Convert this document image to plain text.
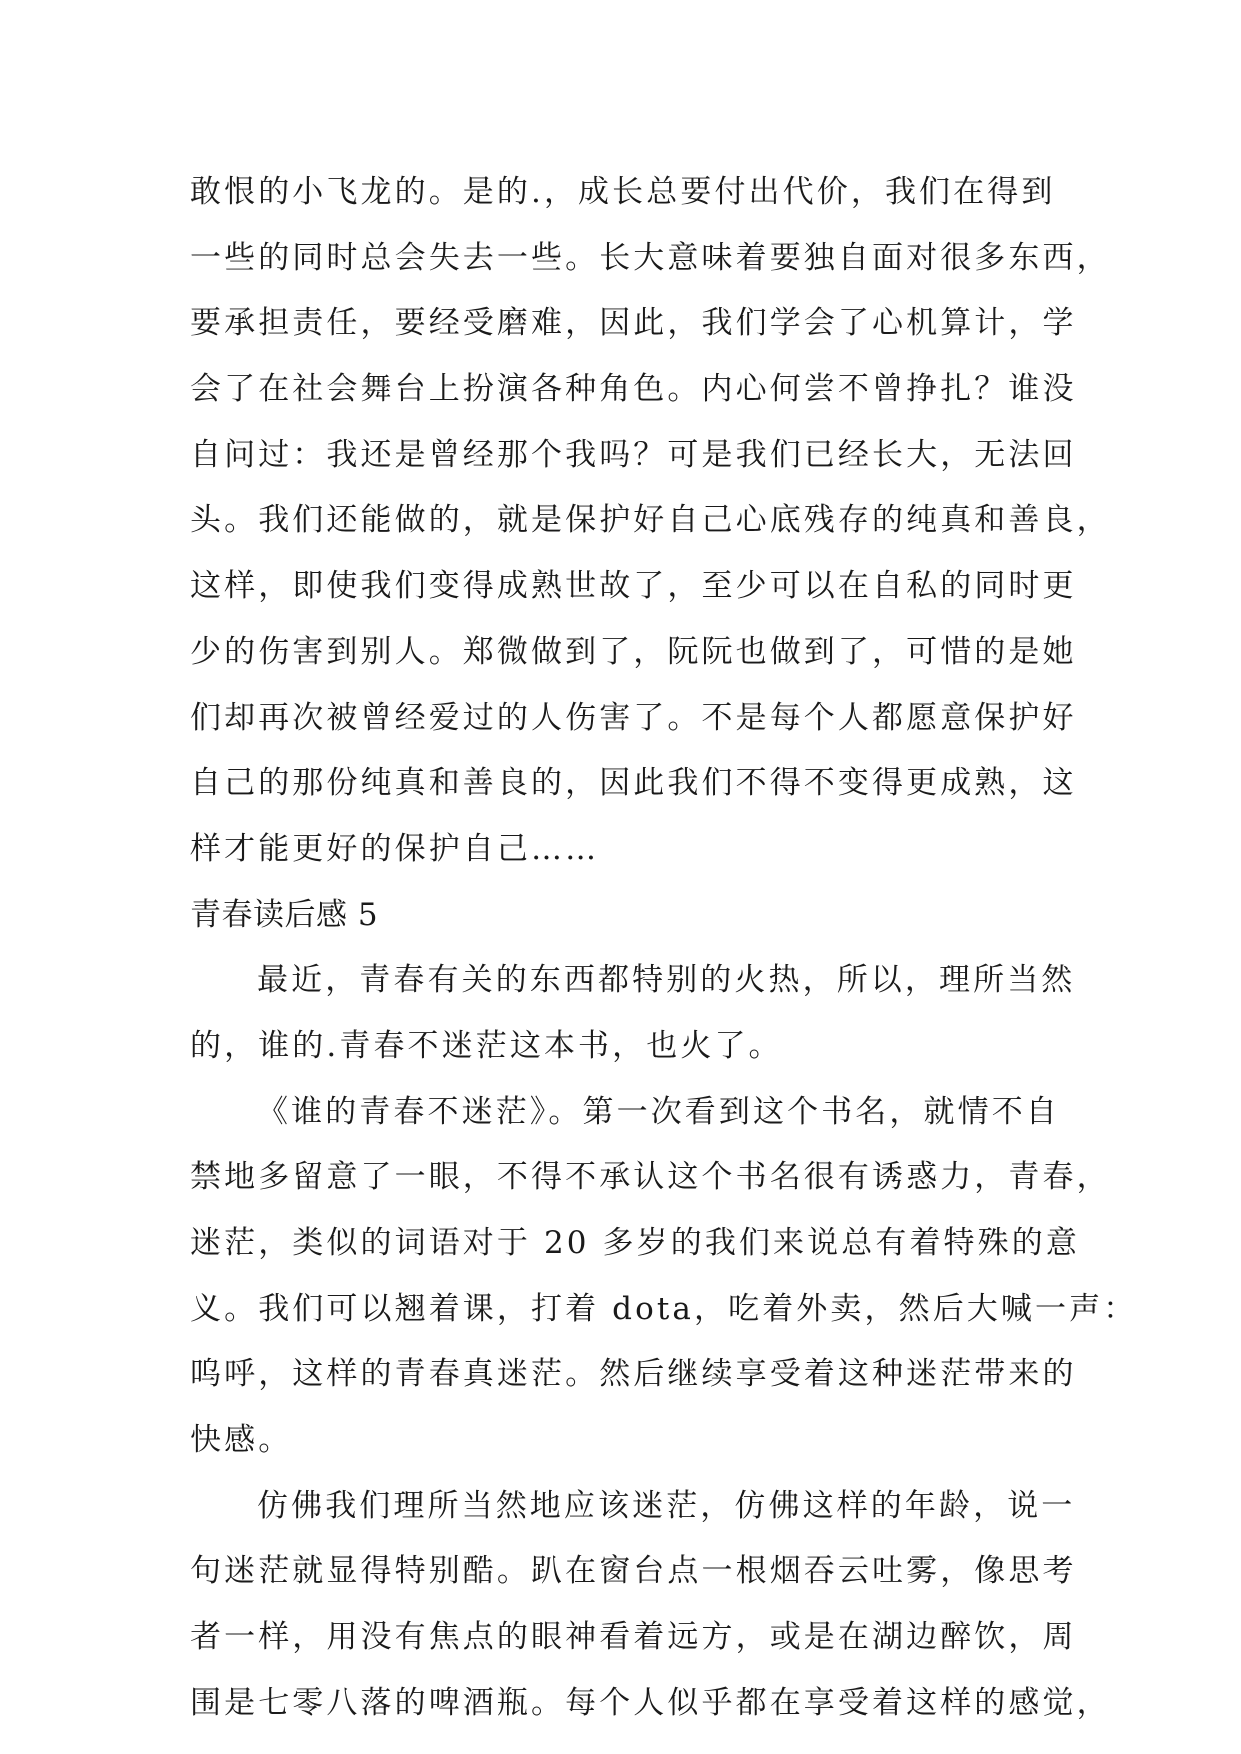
敢恨的小飞龙的。是的.，成长总要付出代价，我们在得到
一些的同时总会失去一些。长大意味着要独自面对很多东西，
要承担责任，要经受磨难，因此，我们学会了心机算计，学
会了在社会舞台上扮演各种角色。内心何尝不曾挣扎？谁没
自问过：我还是曾经那个我吗？可是我们已经长大，无法回
头。我们还能做的，就是保护好自己心底残存的纯真和善良，
这样，即使我们变得成熟世故了，至少可以在自私的同时更
少的伤害到别人。郑微做到了，阮阮也做到了，可惜的是她
们却再次被曾经爱过的人伤害了。不是每个人都愿意保护好
自己的那份纯真和善良的，因此我们不得不变得更成熟，这
样才能更好的保护自己……
青春读后感 5
最近，青春有关的东西都特别的火热，所以，理所当然
的，谁的.青春不迷茫这本书，也火了。
《谁的青春不迷茫》。第一次看到这个书名，就情不自
禁地多留意了一眼，不得不承认这个书名很有诱惑力，青春，
迷茫，类似的词语对于 20 多岁的我们来说总有着特殊的意
义。我们可以翘着课，打着 dota，吃着外卖，然后大喊一声：
呜呼，这样的青春真迷茫。然后继续享受着这种迷茫带来的
快感。
仿佛我们理所当然地应该迷茫，仿佛这样的年龄，说一
句迷茫就显得特别酷。趴在窗台点一根烟吞云吐雾，像思考
者一样，用没有焦点的眼神看着远方，或是在湖边醉饮，周
围是七零八落的啤酒瓶。每个人似乎都在享受着这样的感觉，
